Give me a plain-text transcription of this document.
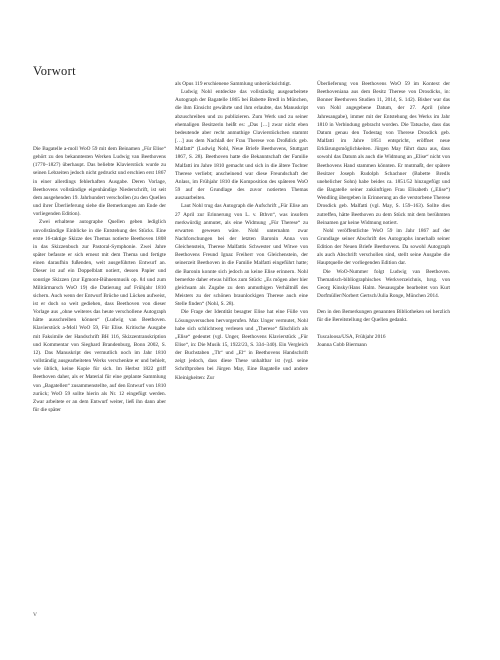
Vorwort

Die Bagatelle a-moll WoO 59 mit dem Beinamen „Für Elise“ gehört zu den bekanntesten Werken Ludwig van Beethovens (1770–1827) überhaupt. Das beliebte Klavierstück wurde zu seinen Lebzeiten jedoch nicht gedruckt und erschien erst 1867 in einer allerdings fehlerhaften Ausgabe. Deren Vorlage, Beethovens vollständige eigenhändige Niederschrift, ist seit dem ausgehenden 19. Jahrhundert verschollen (zu den Quellen und ihrer Überlieferung siehe die Bemerkungen am Ende der vorliegenden Edition).

Zwei erhaltene autographe Quellen geben lediglich unvollständige Einblicke in die Entstehung des Stücks. Eine erste 16-taktige Skizze des Themas notierte Beethoven 1808 in das Skizzenbuch zur Pastoral-Symphonie. Zwei Jahre später befasste er sich erneut mit dem Thema und fertigte einen daraufhin fußenden, weit ausgeführten Entwurf an. Dieser ist auf ein Doppelblatt notiert, dessen Papier und sonstige Skizzen (zur Egmont-Bühnenmusik op. 84 und zum Militärmarsch WoO 19) die Datierung auf Frühjahr 1810 sichern. Auch wenn der Entwurf Brüche und Lücken aufweist, ist er doch so weit gediehen, dass Beethoven von dieser Vorlage aus „ohne weiteres das heute verschollene Autograph hätte ausschreiben können“ (Ludwig van Beethoven. Klavierstück a-Moll WoO 59, Für Elise. Kritische Ausgabe mit Faksimile der Handschrift BH 116, Skizzentranskription und Kommentar von Sieghard Brandenburg, Bonn 2002, S. 12). Das Manuskript des vermutlich noch im Jahr 1810 vollständig ausgearbeiteten Werks verschenkte er und behielt, wie üblich, keine Kopie für sich. Im Herbst 1822 griff Beethoven daher, als er Material für eine geplante Sammlung von „Bagatellen“ zusammenstellte, auf den Entwurf von 1810 zurück; WoO 59 sollte hierin als Nr. 12 eingefügt werden. Zwar arbeitete er an dem Entwurf weiter, ließ ihn dann aber für die später

als Opus 119 erschienene Sammlung unberücksichtigt.

Ludwig Nohl entdeckte das vollständig ausgearbeitete Autograph der Bagatelle 1865 bei Babette Bredl in München, die ihm Einsicht gewährte und ihm erlaubte, das Manuskript abzuschreiben und zu publizieren. Zum Werk und zu seiner ehemaligen Besitzerin heißt es: „Das […] zwar nicht eben bedeutende aber recht anmuthige Clavierstückchen stammt […] aus dem Nachlaß der Frau Therese von Droßdick geb. Malfatti“ (Ludwig Nohl, Neue Briefe Beethovens, Stuttgart 1867, S. 28). Beethoven hatte die Bekanntschaft der Familie Malfatti im Jahre 1810 gemacht und sich in die ältere Tochter Therese verliebt; anscheinend war diese Freundschaft der Anlass, im Frühjahr 1810 die Komposition des späteren WoO 59 auf der Grundlage des zuvor notierten Themas auszuarbeiten.

Laut Nohl trug das Autograph die Aufschrift „Für Elise am 27 April zur Erinnerung von L. v. Bthvn“, was insofern merkwürdig anmutet, als eine Widmung „Für Therese“ zu erwarten gewesen wäre. Nohl unternahm zwar Nachforschungen bei der letzten Baronin Anna von Gleichenstein, Therese Malfattis Schwester und Witwe von Beethovens Freund Ignaz Freiherr von Gleichenstein, der seinerzeit Beethoven in die Familie Malfatti eingeführt hatte; die Baronin konnte sich jedoch an keine Elise erinnern. Nohl bemerkte daher etwas hilflos zum Stück: „Es mögen aber hier gleichsam als Zugabe zu dem anmuthigen Verhältniß des Meisters zu der schönen braunlockigen Therese auch eine Stelle finden“ (Nohl, S. 28).

Die Frage der Identität besagter Elise hat eine Fülle von Lösungsversuchen hervorgerufen. Max Unger vermutet, Nohl habe sich schlichtweg verlesen und „Therese“ fälschlich als „Elise“ gedeutet (vgl. Unger, Beethovens Klavierstück „Für Elise“, in: Die Musik 15, 1922/23, S. 334–340). Ein Vergleich der Buchstaben „Th“ und „El“ in Beethovens Handschrift zeigt jedoch, dass diese These unhaltbar ist (vgl. seine Schriftproben bei Jürgen May, Eine Bagatelle und andere Kleinigkeiten: Zur

Überlieferung von Beethovens WoO 59 im Kontext der Beethovenianа aus dem Besitz Therese von Drosdicks, in: Bonner Beethoven Studien 11, 2014, S. 142). Bisher war das von Nohl angegebene Datum, der 27. April (ohne Jahresangabe), immer mit der Entstehung des Werks im Jahr 1810 in Verbindung gebracht worden. Die Tatsache, dass das Datum genau den Todestag von Therese Drosdick geb. Malfatti im Jahre 1851 entspricht, eröffnet neue Erklärungsmöglichkeiten. Jürgen May führt dazu aus, dass sowohl das Datum als auch die Widmung an „Elise“ nicht von Beethovens Hand stammen könnten. Er mutmaßt, der spätere Besitzer Joseph Rudolph Schachner (Babette Bredls unehelicher Sohn) habe beides ca. 1851/52 hinzugefügt und die Bagatelle seiner zukünftigen Frau Elisabeth („Elise“) Wendling übergeben in Erinnerung an die verstorbene Therese Drosdick geb. Malfatti (vgl. May, S. 159–163). Sollte dies zutreffen, hätte Beethoven zu dem Stück mit dem berühmten Beinamen gar keine Widmung notiert.

Nohl veröffentlichte WoO 59 im Jahr 1867 auf der Grundlage seiner Abschrift des Autographs innerhalb seiner Edition der Neuen Briefe Beethovens. Da sowohl Autograph als auch Abschrift verschollen sind, stellt seine Ausgabe die Hauptquelle der vorliegenden Edition dar.

Die WoO-Nummer folgt Ludwig van Beethoven. Thematisch-bibliographisches Werkverzeichnis, hrsg. von Georg Kinsky/Hans Halm. Neuausgabe bearbeitet von Kurt Dorfmüller/Norbert Gertsch/Julia Ronge, München 2014.

Den in den Bemerkungen genannten Bibliotheken sei herzlich für die Bereitstellung der Quellen gedankt.

Tuscaloosa/USA, Frühjahr 2016
Joanna Cobb Biermann

V
